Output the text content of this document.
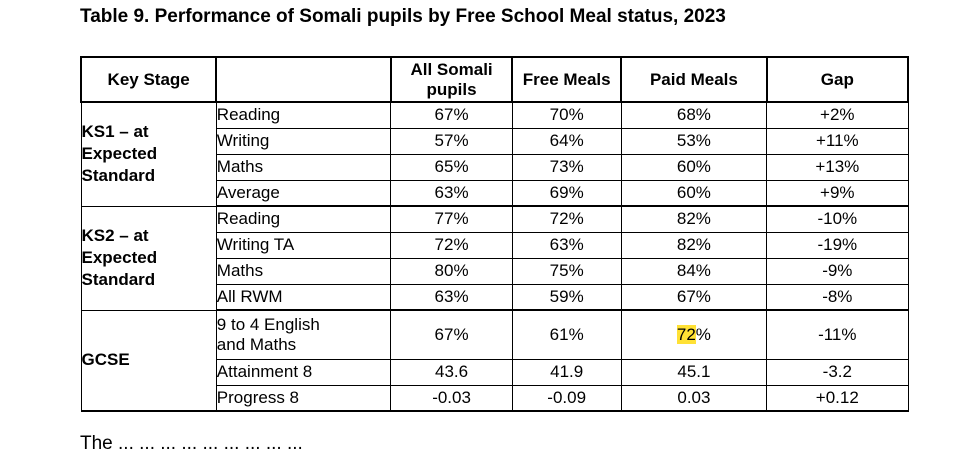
Table 9. Performance of Somali pupils by Free School Meal status, 2023
Key Stage		All Somali pupils	Free Meals	Paid Meals	Gap

KS1 – at
Expected
Standard	Reading	67%	70%	68%	+2%
	Writing	57%	64%	53%	+11%
	Maths	65%	73%	60%	+13%
	Average	63%	69%	60%	+9%

KS2 – at
Expected
Standard	Reading	77%	72%	82%	-10%
	Writing TA	72%	63%	82%	-19%
	Maths	80%	75%	84%	-9%
	All RWM	63%	59%	67%	-8%

GCSE	9 to 4 English
and Maths	67%	61%	72%	-11%
	Attainment 8	43.6	41.9	45.1	-3.2
	Progress 8	-0.03	-0.09	0.03	+0.12
The ... ... ... ... ... ... ... ... ...
